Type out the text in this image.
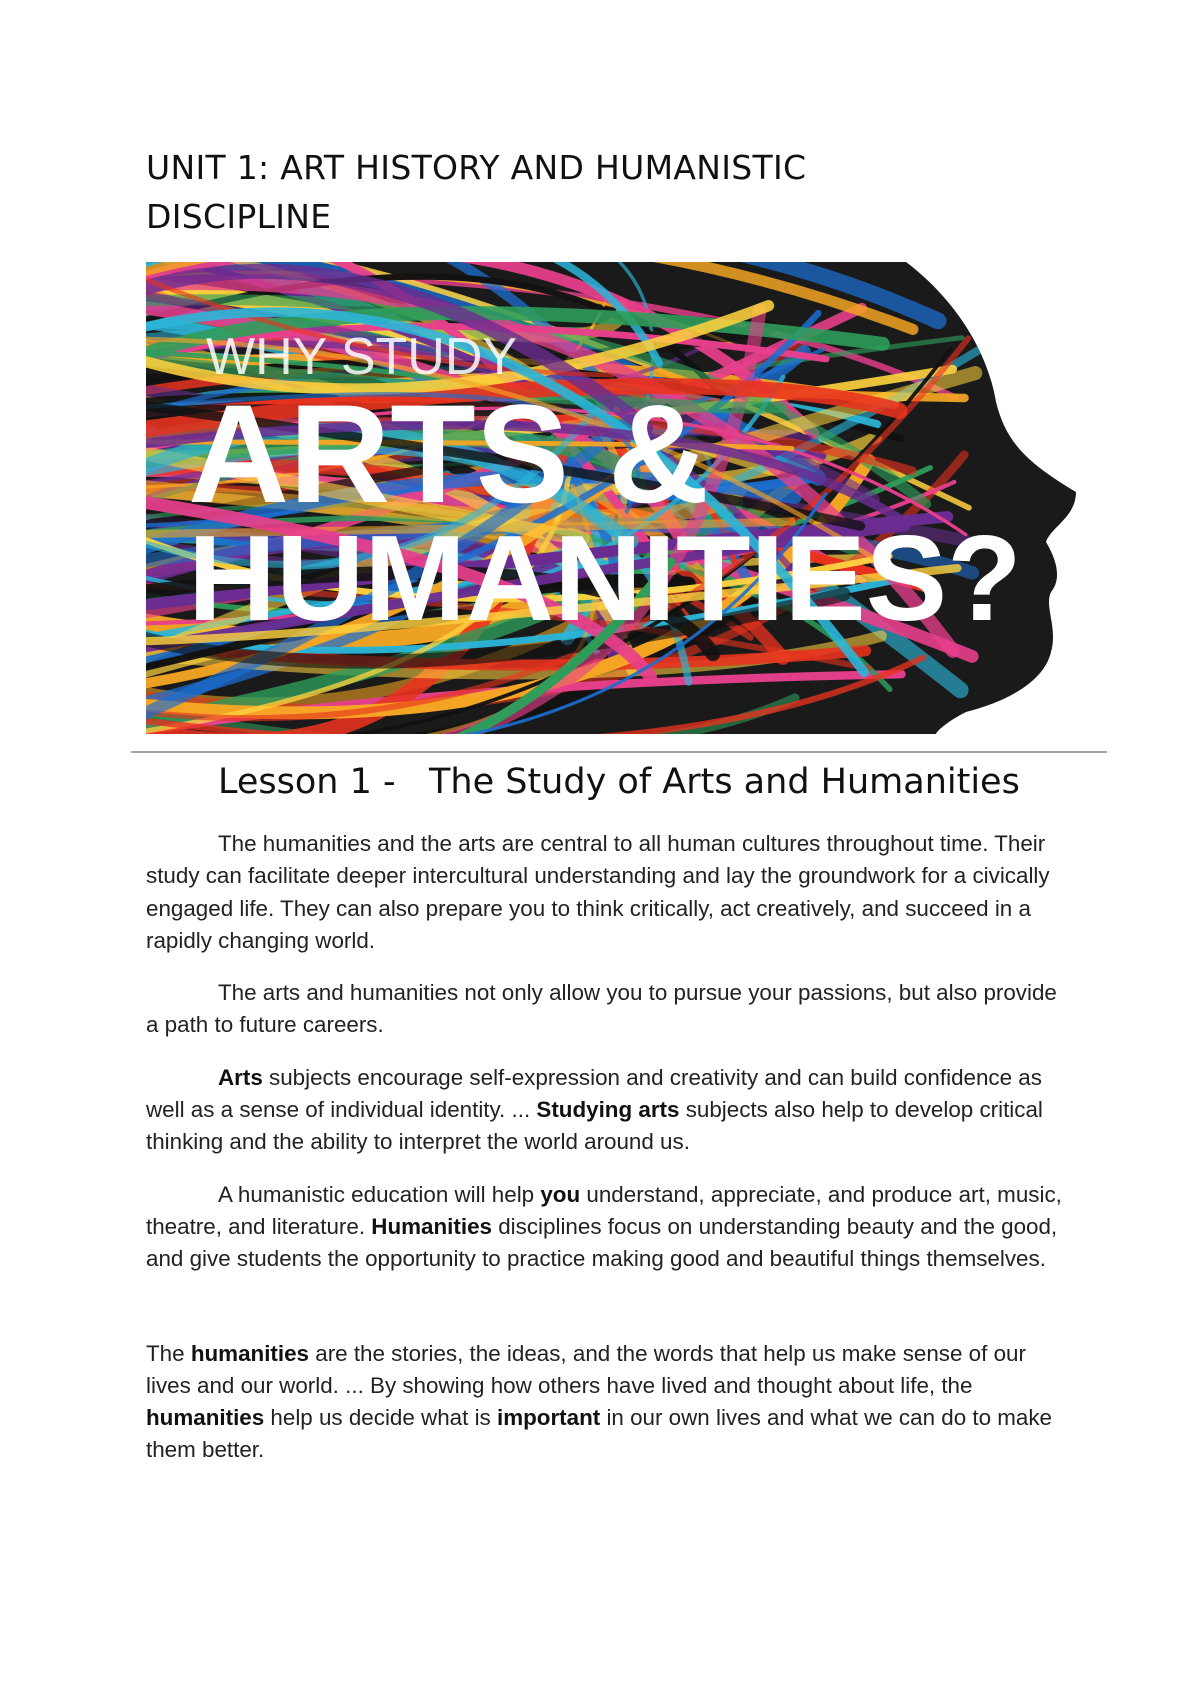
UNIT 1: ART HISTORY AND HUMANISTIC DISCIPLINE
WHY STUDY
ARTS &
HUMANITIES?
Lesson 1 -   The Study of Arts and Humanities

The humanities and the arts are central to all human cultures throughout time. Their study can facilitate deeper intercultural understanding and lay the groundwork for a civically engaged life. They can also prepare you to think critically, act creatively, and succeed in a rapidly changing world.

The arts and humanities not only allow you to pursue your passions, but also provide a path to future careers.

Arts subjects encourage self-expression and creativity and can build confidence as well as a sense of individual identity. ... Studying arts subjects also help to develop critical thinking and the ability to interpret the world around us.

A humanistic education will help you understand, appreciate, and produce art, music, theatre, and literature. Humanities disciplines focus on understanding beauty and the good, and give students the opportunity to practice making good and beautiful things themselves.

The humanities are the stories, the ideas, and the words that help us make sense of our lives and our world. ... By showing how others have lived and thought about life, the humanities help us decide what is important in our own lives and what we can do to make them better.
